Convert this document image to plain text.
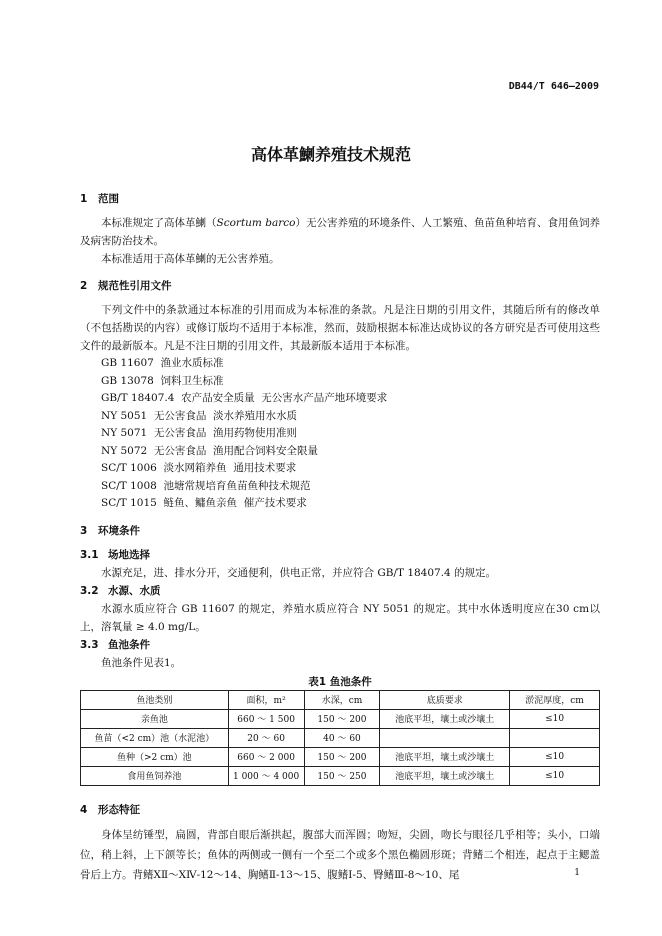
DB44/T 646—2009
高体革鯻养殖技术规范
1 范围

本标准规定了高体革鯻（Scortum barco）无公害养殖的环境条件、人工繁殖、鱼苗鱼种培育、食用鱼饲养及病害防治技术。

本标准适用于高体革鯻的无公害养殖。

2 规范性引用文件

下列文件中的条款通过本标准的引用而成为本标准的条款。凡是注日期的引用文件，其随后所有的修改单（不包括勘误的内容）或修订版均不适用于本标准，然而，鼓励根据本标准达成协议的各方研究是否可使用这些文件的最新版本。凡是不注日期的引用文件，其最新版本适用于本标准。

GB 11607 渔业水质标准
GB 13078 饲料卫生标准
GB/T 18407.4 农产品安全质量  无公害水产品产地环境要求
NY 5051 无公害食品  淡水养殖用水水质
NY 5071 无公害食品  渔用药物使用准则
NY 5072 无公害食品  渔用配合饲料安全限量
SC/T 1006 淡水网箱养鱼  通用技术要求
SC/T 1008 池塘常规培育鱼苗鱼种技术规范
SC/T 1015 鲢鱼、鳙鱼亲鱼  催产技术要求
3 环境条件
3.1 场地选择

水源充足，进、排水分开，交通便利，供电正常，并应符合 GB/T 18407.4 的规定。

3.2 水源、水质

水源水质应符合 GB 11607 的规定，养殖水质应符合 NY 5051 的规定。其中水体透明度应在30 cm以上，溶氧量 ≥ 4.0 mg/L。

3.3 鱼池条件

鱼池条件见表1。

表1 鱼池条件
鱼池类别	面积，m²	水深，cm	底质要求	淤泥厚度，cm
亲鱼池	660 ～ 1 500	150 ～ 200	池底平坦，壤土或沙壤土	≤10
鱼苗（<2 cm）池（水泥池）	20 ～ 60	40 ～ 60		
鱼种（>2 cm）池	660 ～ 2 000	150 ～ 200	池底平坦，壤土或沙壤土	≤10
食用鱼饲养池	1 000 ～ 4 000	150 ～ 250	池底平坦，壤土或沙壤土	≤10
4 形态特征

身体呈纺锤型，扁圆，背部自眼后渐拱起，腹部大而浑圆；吻短，尖圆，吻长与眼径几乎相等；头小，口端位，稍上斜，上下颌等长；鱼体的两侧或一侧有一个至二个或多个黑色椭圆形斑；背鳍二个相连，起点于主鳃盖骨后上方。背鳍ⅩⅡ～ⅩⅣ-12～14、胸鳍Ⅱ-13～15、腹鳍Ⅰ-5、臀鳍Ⅲ-8～10、尾	1
